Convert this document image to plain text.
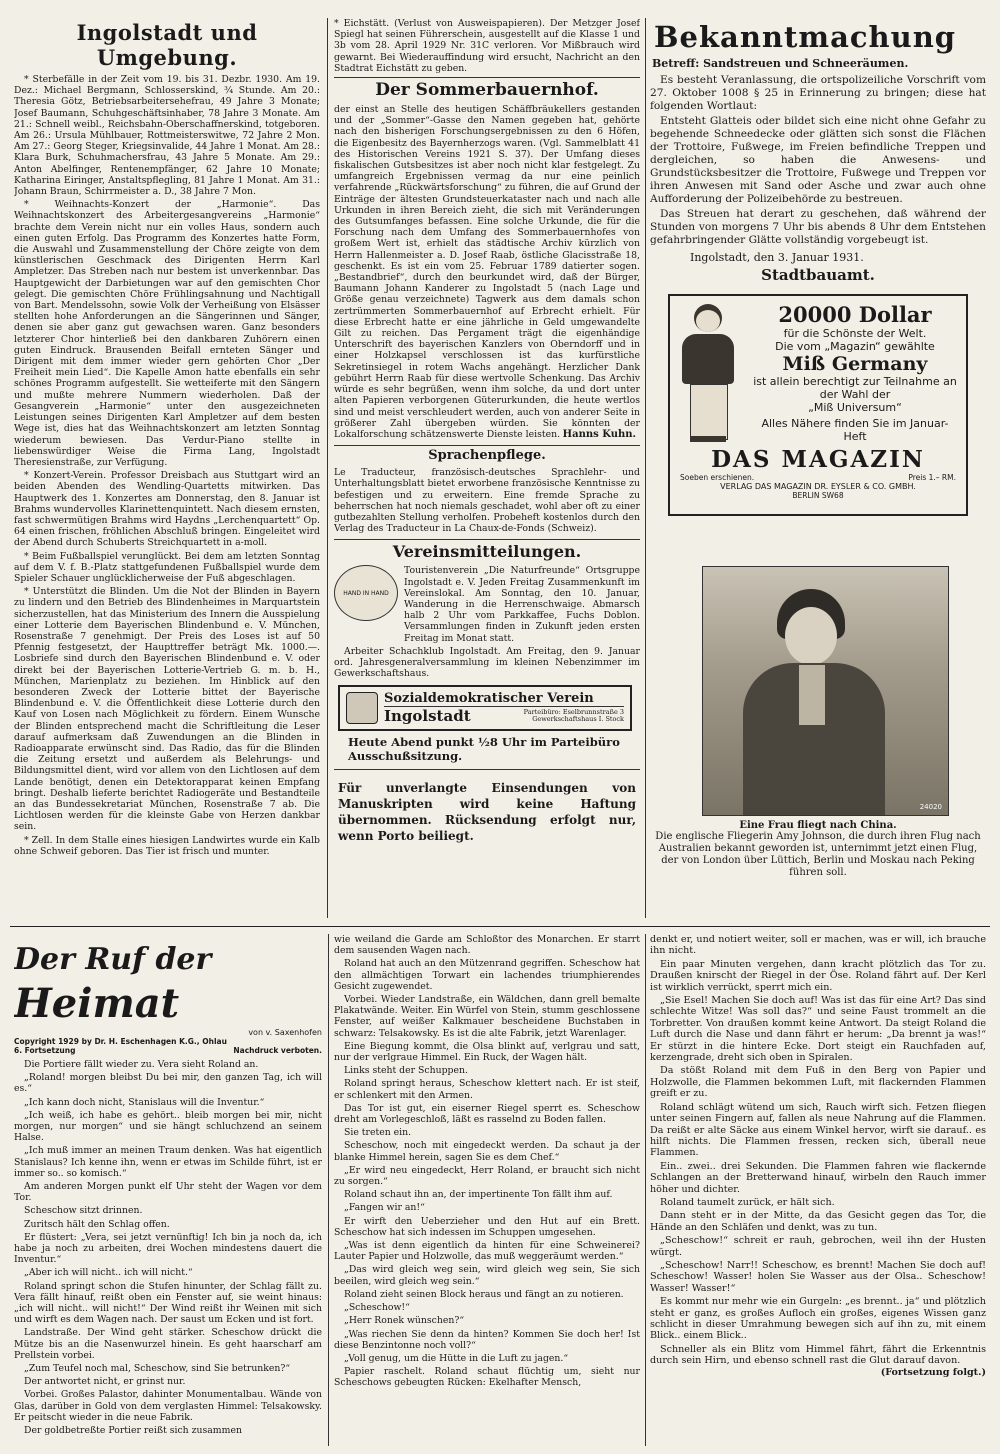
Ingolstadt und Umgebung.

* Sterbefälle in der Zeit vom 19. bis 31. Dezbr. 1930. Am 19. Dez.: Michael Bergmann, Schlosserskind, ¾ Stunde. Am 20.: Theresia Götz, Betriebsarbeitersehefrau, 49 Jahre 3 Monate; Josef Baumann, Schuhgeschäftsinhaber, 78 Jahre 3 Monate. Am 21.: Schnell weibl., Reichsbahn-Oberschaffnerskind, totgeboren. Am 26.: Ursula Mühlbauer, Rottmeisterswitwe, 72 Jahre 2 Mon. Am 27.: Georg Steger, Kriegsinvalide, 44 Jahre 1 Monat. Am 28.: Klara Burk, Schuhmachersfrau, 43 Jahre 5 Monate. Am 29.: Anton Abelfinger, Rentenempfänger, 62 Jahre 10 Monate; Katharina Eiringer, Anstaltspflegling, 81 Jahre 1 Monat. Am 31.: Johann Braun, Schirrmeister a. D., 38 Jahre 7 Mon.

* Weihnachts-Konzert der „Harmonie“. Das Weihnachtskonzert des Arbeitergesangvereins „Harmonie“ brachte dem Verein nicht nur ein volles Haus, sondern auch einen guten Erfolg. Das Programm des Konzertes hatte Form, die Auswahl und Zusammenstellung der Chöre zeigte von dem künstlerischen Geschmack des Dirigenten Herrn Karl Ampletzer. Das Streben nach nur bestem ist unverkennbar. Das Hauptgewicht der Darbietungen war auf den gemischten Chor gelegt. Die gemischten Chöre Frühlingsahnung und Nachtigall von Bart. Mendelssohn, sowie Volk der Verheißung von Elsässer stellten hohe Anforderungen an die Sängerinnen und Sänger, denen sie aber ganz gut gewachsen waren. Ganz besonders letzterer Chor hinterließ bei den dankbaren Zuhörern einen guten Eindruck. Brausenden Beifall ernteten Sänger und Dirigent mit dem immer wieder gern gehörten Chor „Der Freiheit mein Lied“. Die Kapelle Amon hatte ebenfalls ein sehr schönes Programm aufgestellt. Sie wetteiferte mit den Sängern und mußte mehrere Nummern wiederholen. Daß der Gesangverein „Harmonie“ unter den ausgezeichneten Leistungen seines Dirigenten Karl Ampletzer auf dem besten Wege ist, dies hat das Weihnachtskonzert am letzten Sonntag wiederum bewiesen. Das Verdur-Piano stellte in liebenswürdiger Weise die Firma Lang, Ingolstadt Theresienstraße, zur Verfügung.

* Konzert-Verein. Professor Dreisbach aus Stuttgart wird an beiden Abenden des Wendling-Quartetts mitwirken. Das Hauptwerk des 1. Konzertes am Donnerstag, den 8. Januar ist Brahms wundervolles Klarinettenquintett. Nach diesem ernsten, fast schwermütigen Brahms wird Haydns „Lerchenquartett“ Op. 64 einen frischen, fröhlichen Abschluß bringen. Eingeleitet wird der Abend durch Schuberts Streichquartett in a-moll.

* Beim Fußballspiel verunglückt. Bei dem am letzten Sonntag auf dem V. f. B.-Platz stattgefundenen Fußballspiel wurde dem Spieler Schauer unglücklicherweise der Fuß abgeschlagen.

* Unterstützt die Blinden. Um die Not der Blinden in Bayern zu lindern und den Betrieb des Blindenheimes in Marquartstein sicherzustellen, hat das Ministerium des Innern die Ausspielung einer Lotterie dem Bayerischen Blindenbund e. V. München, Rosenstraße 7 genehmigt. Der Preis des Loses ist auf 50 Pfennig festgesetzt, der Haupttreffer beträgt Mk. 1000.—. Losbriefe sind durch den Bayerischen Blindenbund e. V. oder direkt bei der Bayerischen Lotterie-Vertrieb G. m. b. H., München, Marienplatz zu beziehen. Im Hinblick auf den besonderen Zweck der Lotterie bittet der Bayerische Blindenbund e. V. die Öffentlichkeit diese Lotterie durch den Kauf von Losen nach Möglichkeit zu fördern. Einem Wunsche der Blinden entsprechend macht die Schriftleitung die Leser darauf aufmerksam daß Zuwendungen an die Blinden in Radioapparate erwünscht sind. Das Radio, das für die Blinden die Zeitung ersetzt und außerdem als Belehrungs- und Bildungsmittel dient, wird vor allem von den Lichtlosen auf dem Lande benötigt, denen ein Detektorapparat keinen Empfang bringt. Deshalb lieferte berichtet Radiogeräte und Bestandteile an das Bundessekretariat München, Rosenstraße 7 ab. Die Lichtlosen werden für die kleinste Gabe von Herzen dankbar sein.

* Zell. In dem Stalle eines hiesigen Landwirtes wurde ein Kalb ohne Schweif geboren. Das Tier ist frisch und munter.

* Eichstätt. (Verlust von Ausweispapieren). Der Metzger Josef Spiegl hat seinen Führerschein, ausgestellt auf die Klasse 1 und 3b vom 28. April 1929 Nr. 31C verloren. Vor Mißbrauch wird gewarnt. Bei Wiederauffindung wird ersucht, Nachricht an den Stadtrat Eichstätt zu geben.

Der Sommerbauernhof.

der einst an Stelle des heutigen Schäffbräukellers gestanden und der „Sommer“-Gasse den Namen gegeben hat, gehörte nach den bisherigen Forschungsergebnissen zu den 6 Höfen, die Eigenbesitz des Bayernherzogs waren. (Vgl. Sammelblatt 41 des Historischen Vereins 1921 S. 37). Der Umfang dieses fiskalischen Gutsbesitzes ist aber noch nicht klar festgelegt. Zu umfangreich Ergebnissen vermag da nur eine peinlich verfahrende „Rückwärtsforschung“ zu führen, die auf Grund der Einträge der ältesten Grundsteuerkataster nach und nach alle Urkunden in ihren Bereich zieht, die sich mit Veränderungen des Gutsumfanges befassen. Eine solche Urkunde, die für die Forschung nach dem Umfang des Sommerbauernhofes von großem Wert ist, erhielt das städtische Archiv kürzlich von Herrn Hallenmeister a. D. Josef Raab, östliche Glacisstraße 18, geschenkt. Es ist ein vom 25. Februar 1789 datierter sogen. „Bestandbrief“, durch den beurkundet wird, daß der Bürger, Baumann Johann Kanderer zu Ingolstadt 5 (nach Lage und Größe genau verzeichnete) Tagwerk aus dem damals schon zertrümmerten Sommerbauernhof auf Erbrecht erhielt. Für diese Erbrecht hatte er eine jährliche in Geld umgewandelte Gilt zu reichen. Das Pergament trägt die eigenhändige Unterschrift des bayerischen Kanzlers von Oberndorff und in einer Holzkapsel verschlossen ist das kurfürstliche Sekretinsiegel in rotem Wachs angehängt. Herzlicher Dank gebührt Herrn Raab für diese wertvolle Schenkung. Das Archiv würde es sehr begrüßen, wenn ihm solche, da und dort unter alten Papieren verborgenen Güterurkunden, die heute wertlos sind und meist verschleudert werden, auch von anderer Seite in größerer Zahl übergeben würden. Sie könnten der Lokalforschung schätzenswerte Dienste leisten. Hanns Kuhn.
Sprachenpflege.

Le Traducteur, französisch-deutsches Sprachlehr- und Unterhaltungsblatt bietet erworbene französische Kenntnisse zu befestigen und zu erweitern. Eine fremde Sprache zu beherrschen hat noch niemals geschadet, wohl aber oft zu einer gutbezahlten Stellung verholfen. Probeheft kostenlos durch den Verlag des Traducteur in La Chaux-de-Fonds (Schweiz).

Vereinsmitteilungen.
HAND IN HAND

Touristenverein „Die Naturfreunde“ Ortsgruppe Ingolstadt e. V. Jeden Freitag Zusammenkunft im Vereinslokal. Am Sonntag, den 10. Januar, Wanderung in die Herrenschwaige. Abmarsch halb 2 Uhr vom Parkkaffee, Fuchs Doblon. Versammlungen finden in Zukunft jeden ersten Freitag im Monat statt.

Arbeiter Schachklub Ingolstadt. Am Freitag, den 9. Januar ord. Jahresgeneralversammlung im kleinen Nebenzimmer im Gewerkschaftshaus.

Sozialdemokratischer Verein
Ingolstadt	Parteibüro: Eselbrunnstraße 3
Gewerkschaftshaus I. Stock

Heute Abend punkt ½8 Uhr im Parteibüro Ausschußsitzung.

Für unverlangte Einsendungen von Manuskripten wird keine Haftung übernommen. Rücksendung erfolgt nur, wenn Porto beiliegt.

Bekanntmachung
Betreff: Sandstreuen und Schneeräumen.

Es besteht Veranlassung, die ortspolizeiliche Vorschrift vom 27. Oktober 1008 § 25 in Erinnerung zu bringen; diese hat folgenden Wortlaut:

Entsteht Glatteis oder bildet sich eine nicht ohne Gefahr zu begehende Schneedecke oder glätten sich sonst die Flächen der Trottoire, Fußwege, im Freien befindliche Treppen und dergleichen, so haben die Anwesens- und Grundstücksbesitzer die Trottoire, Fußwege und Treppen vor ihren Anwesen mit Sand oder Asche und zwar auch ohne Aufforderung der Polizeibehörde zu bestreuen.

Das Streuen hat derart zu geschehen, daß während der Stunden von morgens 7 Uhr bis abends 8 Uhr dem Entstehen gefahrbringender Glätte vollständig vorgebeugt ist.

Ingolstadt, den 3. Januar 1931.
Stadtbauamt.
20000 Dollar
für die Schönste der Welt.
Die vom „Magazin“ gewählte
Miß Germany
ist allein berechtigt zur Teilnahme an der Wahl der
„Miß Universum“
Alles Nähere finden Sie im Januar-Heft
DAS MAGAZIN
Soeben erschienen.	Preis 1.– RM.
VERLAG DAS MAGAZIN DR. EYSLER & CO. GMBH.
BERLIN SW68
24020
Eine Frau fliegt nach China.

Die englische Fliegerin Amy Johnson, die durch ihren Flug nach Australien bekannt geworden ist, unternimmt jetzt einen Flug, der von London über Lüttich, Berlin und Moskau nach Peking führen soll.

Der Ruf der Heimat
von v. Saxenhofen
Copyright 1929 by Dr. H. Eschenhagen K.G., Ohlau
6. Fortsetzung	Nachdruck verboten.

Die Portiere fällt wieder zu. Vera sieht Roland an.

„Roland! morgen bleibst Du bei mir, den ganzen Tag, ich will es.“

„Ich kann doch nicht, Stanislaus will die Inventur.“

„Ich weiß, ich habe es gehört.. bleib morgen bei mir, nicht morgen, nur morgen“ und sie hängt schluchzend an seinem Halse.

„Ich muß immer an meinen Traum denken. Was hat eigentlich Stanislaus? Ich kenne ihn, wenn er etwas im Schilde führt, ist er immer so.. so komisch.“

Am anderen Morgen punkt elf Uhr steht der Wagen vor dem Tor.

Scheschow sitzt drinnen.

Zuritsch hält den Schlag offen.

Er flüstert: „Vera, sei jetzt vernünftig! Ich bin ja noch da, ich habe ja noch zu arbeiten, drei Wochen mindestens dauert die Inventur.“

„Aber ich will nicht.. ich will nicht.“

Roland springt schon die Stufen hinunter, der Schlag fällt zu. Vera fällt hinauf, reißt oben ein Fenster auf, sie weint hinaus: „ich will nicht.. will nicht!“ Der Wind reißt ihr Weinen mit sich und wirft es dem Wagen nach. Der saust um Ecken und ist fort.

Landstraße. Der Wind geht stärker. Scheschow drückt die Mütze bis an die Nasenwurzel hinein. Es geht haarscharf am Prellstein vorbei.

„Zum Teufel noch mal, Scheschow, sind Sie betrunken?“

Der antwortet nicht, er grinst nur.

Vorbei. Großes Palastor, dahinter Monumentalbau. Wände von Glas, darüber in Gold von dem verglasten Himmel: Telsakowsky. Er peitscht wieder in die neue Fabrik.

Der goldbetreßte Portier reißt sich zusammen

wie weiland die Garde am Schloßtor des Monarchen. Er starrt dem sausenden Wagen nach.

Roland hat auch an den Mützenrand gegriffen. Scheschow hat den allmächtigen Torwart ein lachendes triumphierendes Gesicht zugewendet.

Vorbei. Wieder Landstraße, ein Wäldchen, dann grell bemalte Plakatwände. Weiter. Ein Würfel von Stein, stumm geschlossene Fenster, auf weißer Kalkmauer bescheidene Buchstaben in schwarz: Telsakowsky. Es ist die alte Fabrik, jetzt Warenlager.

Eine Biegung kommt, die Olsa blinkt auf, verlgrau und satt, nur der verlgraue Himmel. Ein Ruck, der Wagen hält.

Links steht der Schuppen.

Roland springt heraus, Scheschow klettert nach. Er ist steif, er schlenkert mit den Armen.

Das Tor ist gut, ein eiserner Riegel sperrt es. Scheschow dreht am Vorlegeschloß, läßt es rasselnd zu Boden fallen.

Sie treten ein.

Scheschow, noch mit eingedeckt werden. Da schaut ja der blanke Himmel herein, sagen Sie es dem Chef.“

„Er wird neu eingedeckt, Herr Roland, er braucht sich nicht zu sorgen.“

Roland schaut ihn an, der impertinente Ton fällt ihm auf.

„Fangen wir an!“

Er wirft den Ueberzieher und den Hut auf ein Brett. Scheschow hat sich indessen im Schuppen umgesehen.

„Was ist denn eigentlich da hinten für eine Schweinerei? Lauter Papier und Holzwolle, das muß weggeräumt werden.“

„Das wird gleich weg sein, wird gleich weg sein, Sie sich beeilen, wird gleich weg sein.“

Roland zieht seinen Block heraus und fängt an zu notieren.

„Scheschow!“

„Herr Ronek wünschen?“

„Was riechen Sie denn da hinten? Kommen Sie doch her! Ist diese Benzintonne noch voll?“

„Voll genug, um die Hütte in die Luft zu jagen.“

Papier raschelt. Roland schaut flüchtig um, sieht nur Scheschows gebeugten Rücken: Ekelhafter Mensch,

denkt er, und notiert weiter, soll er machen, was er will, ich brauche ihn nicht.

Ein paar Minuten vergehen, dann kracht plötzlich das Tor zu. Draußen knirscht der Riegel in der Öse. Roland fährt auf. Der Kerl ist wirklich verrückt, sperrt mich ein.

„Sie Esel! Machen Sie doch auf! Was ist das für eine Art? Das sind schlechte Witze! Was soll das?“ und seine Faust trommelt an die Torbretter. Von draußen kommt keine Antwort. Da steigt Roland die Luft durch die Nase und dann fährt er herum: „Da brennt ja was!“ Er stürzt in die hintere Ecke. Dort steigt ein Rauchfaden auf, kerzengrade, dreht sich oben in Spiralen.

Da stößt Roland mit dem Fuß in den Berg von Papier und Holzwolle, die Flammen bekommen Luft, mit flackernden Flammen greift er zu.

Roland schlägt wütend um sich, Rauch wirft sich. Fetzen fliegen unter seinen Fingern auf, fallen als neue Nahrung auf die Flammen. Da reißt er alte Säcke aus einem Winkel hervor, wirft sie darauf.. es hilft nichts. Die Flammen fressen, recken sich, überall neue Flammen.

Ein.. zwei.. drei Sekunden. Die Flammen fahren wie flackernde Schlangen an der Bretterwand hinauf, wirbeln den Rauch immer höher und dichter.

Roland taumelt zurück, er hält sich.

Dann steht er in der Mitte, da das Gesicht gegen das Tor, die Hände an den Schläfen und denkt, was zu tun.

„Scheschow!“ schreit er rauh, gebrochen, weil ihn der Husten würgt.

„Scheschow! Narr!! Scheschow, es brennt! Machen Sie doch auf! Scheschow! Wasser! holen Sie Wasser aus der Olsa.. Scheschow! Wasser! Wasser!“

Es kommt nur mehr wie ein Gurgeln: „es brennt.. ja“ und plötzlich steht er ganz, es großes Aufloch ein großes, eigenes Wissen ganz schlicht in dieser Umrahmung bewegen sich auf ihn zu, mit einem Blick.. einem Blick..

Schneller als ein Blitz vom Himmel fährt, fährt die Erkenntnis durch sein Hirn, und ebenso schnell rast die Glut darauf davon.

(Fortsetzung folgt.)
